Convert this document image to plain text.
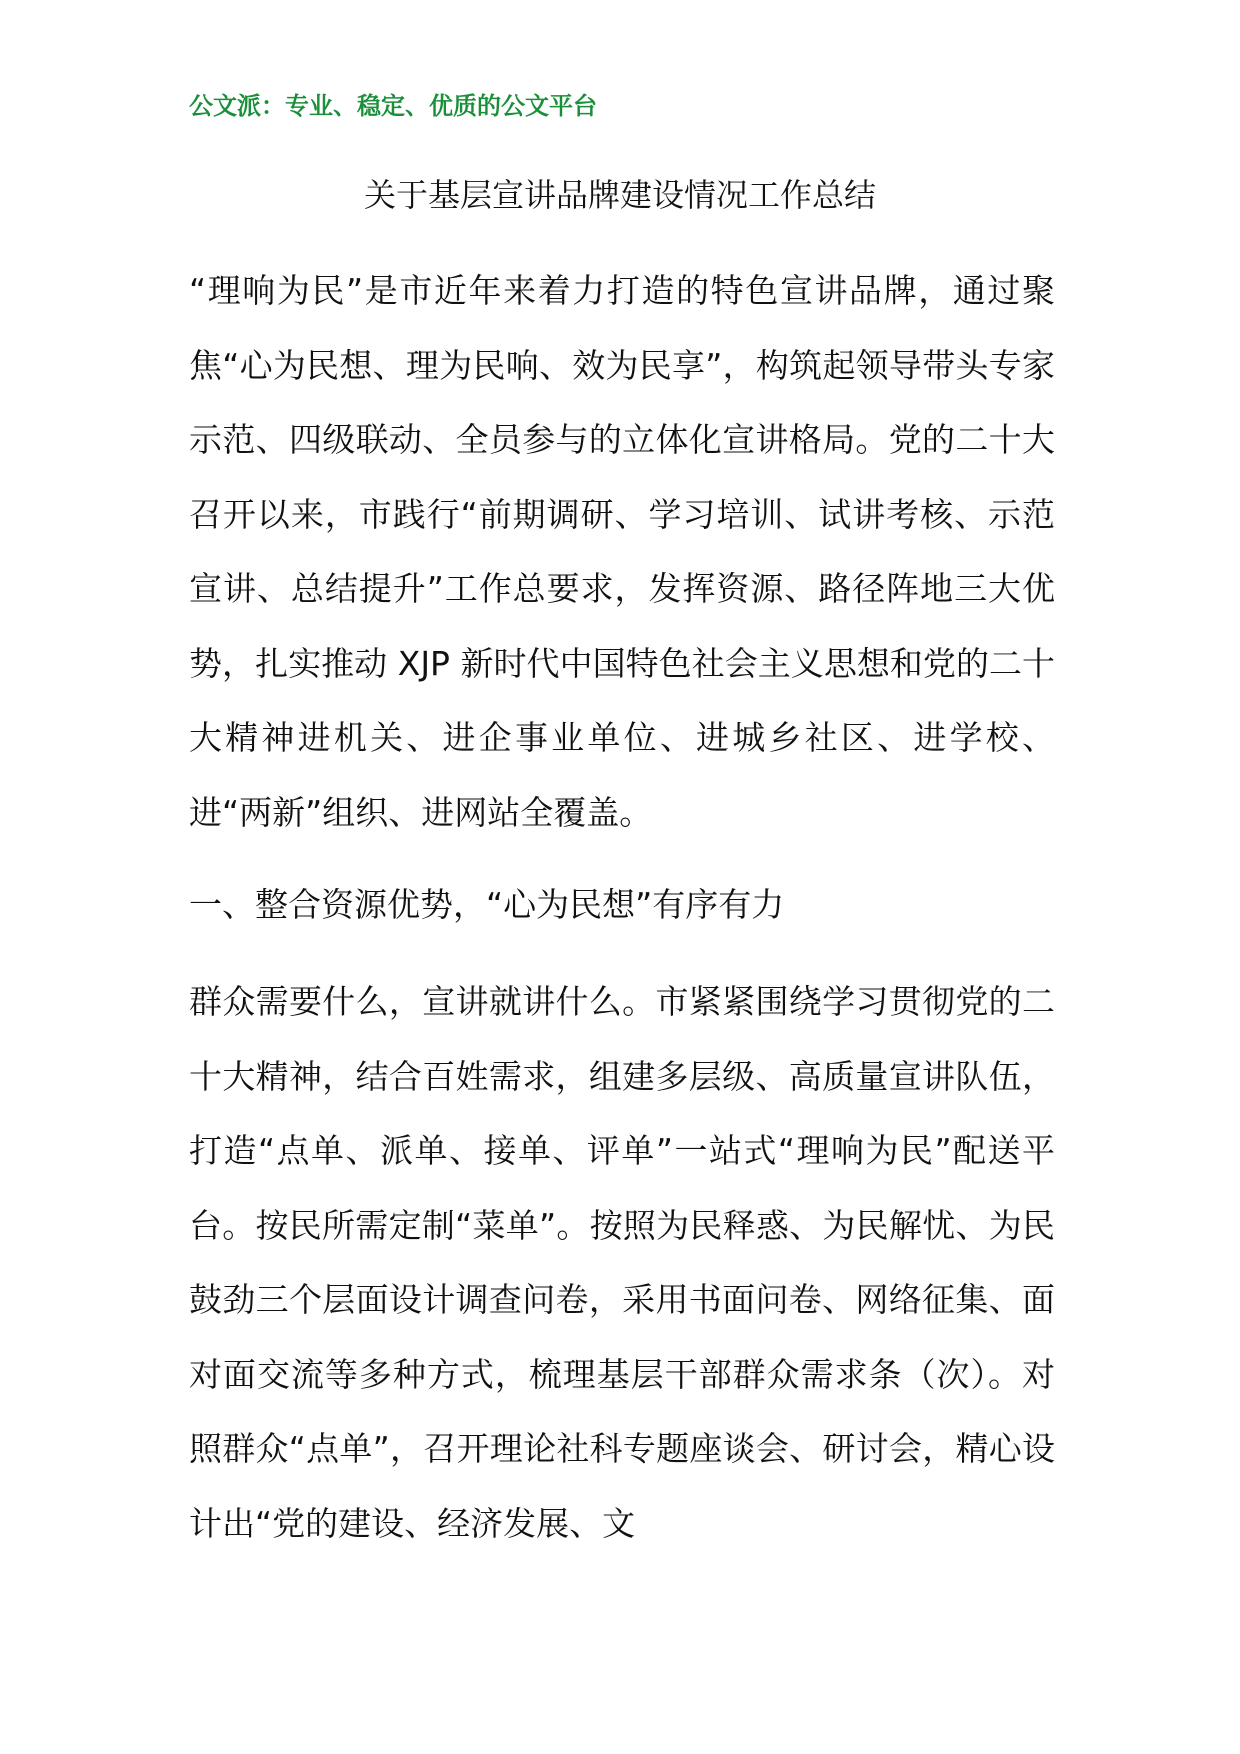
公文派：专业、稳定、优质的公文平台
关于基层宣讲品牌建设情况工作总结
“理响为民”是市近年来着力打造的特色宣讲品牌，通过聚焦“心为民想、理为民响、效为民享”，构筑起领导带头专家示范、四级联动、全员参与的立体化宣讲格局。党的二十大召开以来，市践行“前期调研、学习培训、试讲考核、示范宣讲、总结提升”工作总要求，发挥资源、路径阵地三大优势，扎实推动 XJP 新时代中国特色社会主义思想和党的二十大精神进机关、进企事业单位、进城乡社区、进学校、进“两新”组织、进网站全覆盖。
一、整合资源优势，“心为民想”有序有力
群众需要什么，宣讲就讲什么。市紧紧围绕学习贯彻党的二十大精神，结合百姓需求，组建多层级、高质量宣讲队伍，打造“点单、派单、接单、评单”一站式“理响为民”配送平台。按民所需定制“菜单”。按照为民释惑、为民解忧、为民鼓劲三个层面设计调查问卷，采用书面问卷、网络征集、面对面交流等多种方式，梳理基层干部群众需求条（次）。对照群众“点单”，召开理论社科专题座谈会、研讨会，精心设计出“党的建设、经济发展、文
